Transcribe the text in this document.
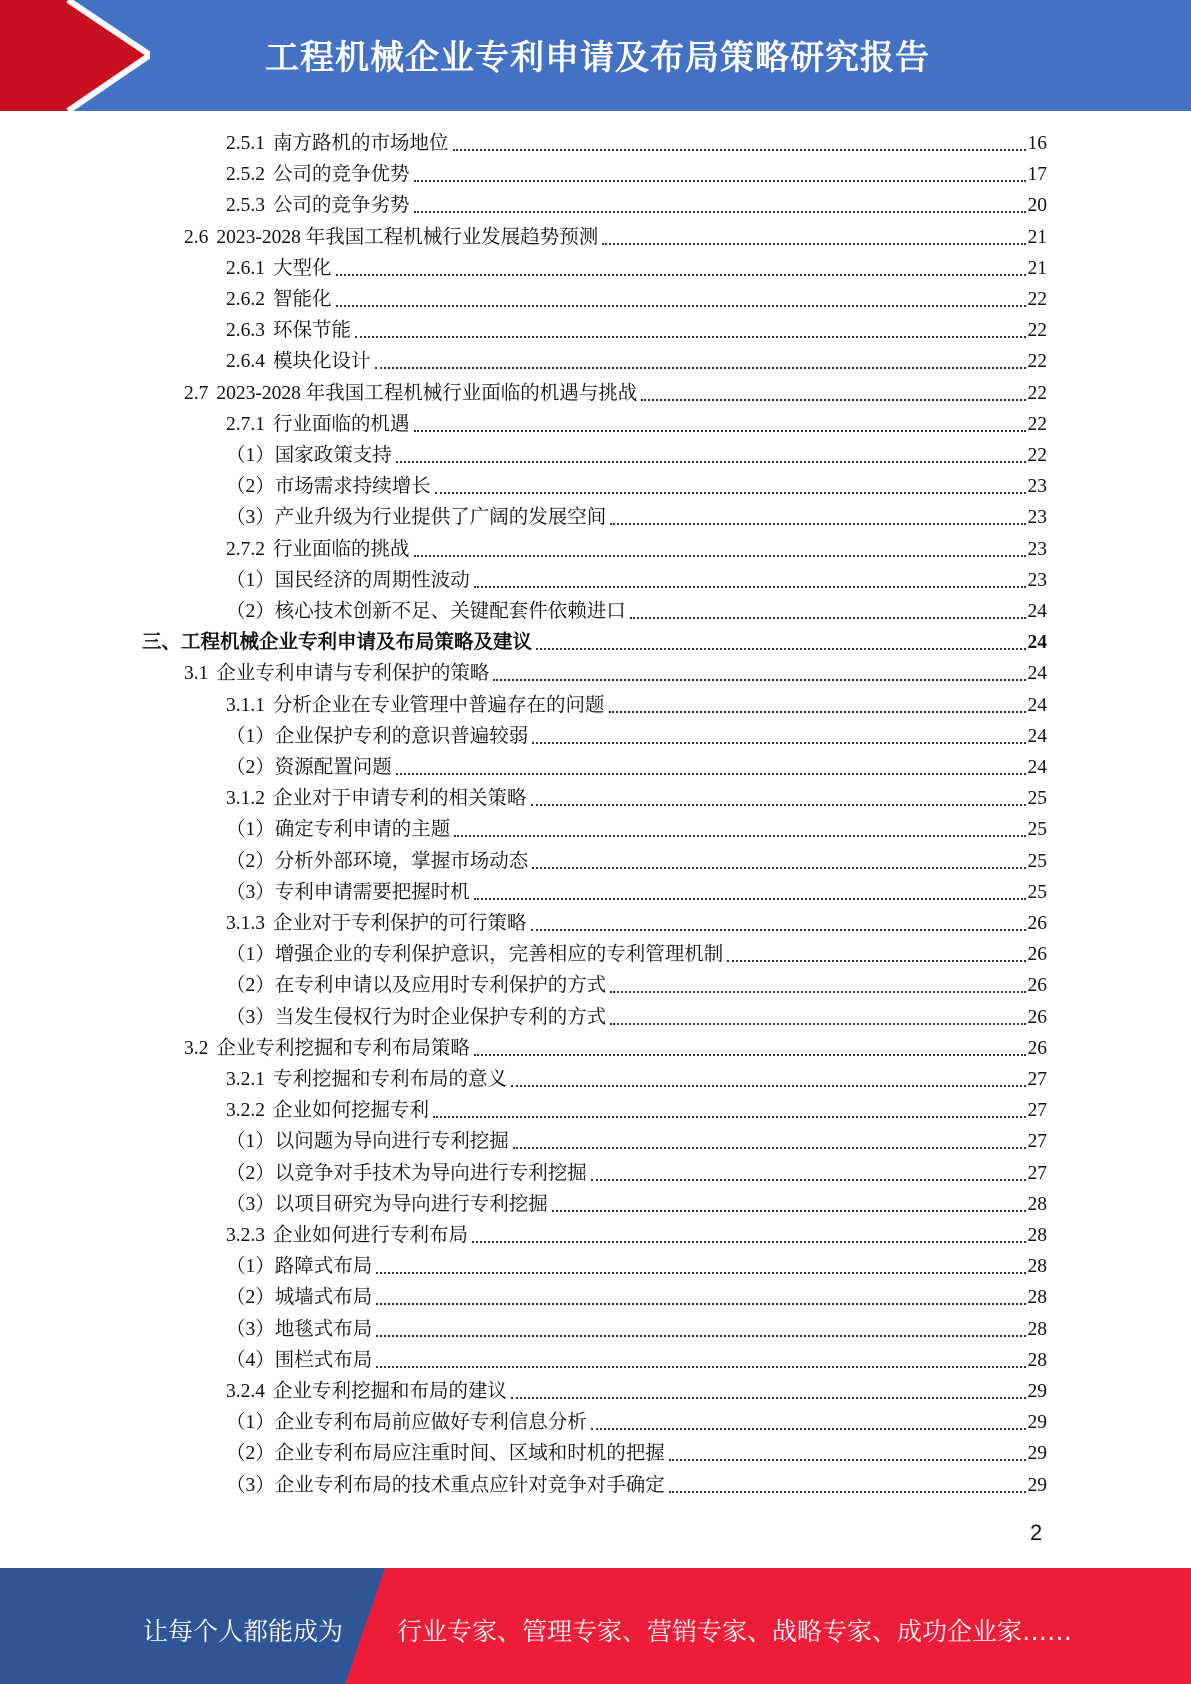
工程机械企业专利申请及布局策略研究报告
2.5.1 南方路机的市场地位	16
2.5.2 公司的竞争优势	17
2.5.3 公司的竞争劣势	20
2.6 2023-2028 年我国工程机械行业发展趋势预测	21
2.6.1 大型化	21
2.6.2 智能化	22
2.6.3 环保节能	22
2.6.4 模块化设计	22
2.7 2023-2028 年我国工程机械行业面临的机遇与挑战	22
2.7.1 行业面临的机遇	22
（1） 国家政策支持	22
（2） 市场需求持续增长	23
（3） 产业升级为行业提供了广阔的发展空间	23
2.7.2 行业面临的挑战	23
（1） 国民经济的周期性波动	23
（2） 核心技术创新不足、关键配套件依赖进口	24
三、 工程机械企业专利申请及布局策略及建议	24
3.1 企业专利申请与专利保护的策略	24
3.1.1 分析企业在专业管理中普遍存在的问题	24
（1） 企业保护专利的意识普遍较弱	24
（2） 资源配置问题	24
3.1.2 企业对于申请专利的相关策略	25
（1） 确定专利申请的主题	25
（2） 分析外部环境，掌握市场动态	25
（3） 专利申请需要把握时机	25
3.1.3 企业对于专利保护的可行策略	26
（1） 增强企业的专利保护意识，完善相应的专利管理机制	26
（2） 在专利申请以及应用时专利保护的方式	26
（3） 当发生侵权行为时企业保护专利的方式	26
3.2 企业专利挖掘和专利布局策略	26
3.2.1 专利挖掘和专利布局的意义	27
3.2.2 企业如何挖掘专利	27
（1） 以问题为导向进行专利挖掘	27
（2） 以竞争对手技术为导向进行专利挖掘	27
（3） 以项目研究为导向进行专利挖掘	28
3.2.3 企业如何进行专利布局	28
（1） 路障式布局	28
（2） 城墙式布局	28
（3） 地毯式布局	28
（4） 围栏式布局	28
3.2.4 企业专利挖掘和布局的建议	29
（1） 企业专利布局前应做好专利信息分析	29
（2） 企业专利布局应注重时间、区域和时机的把握	29
（3） 企业专利布局的技术重点应针对竞争对手确定	29
2
让每个人都能成为 行业专家、管理专家、营销专家、战略专家、成功企业家……
